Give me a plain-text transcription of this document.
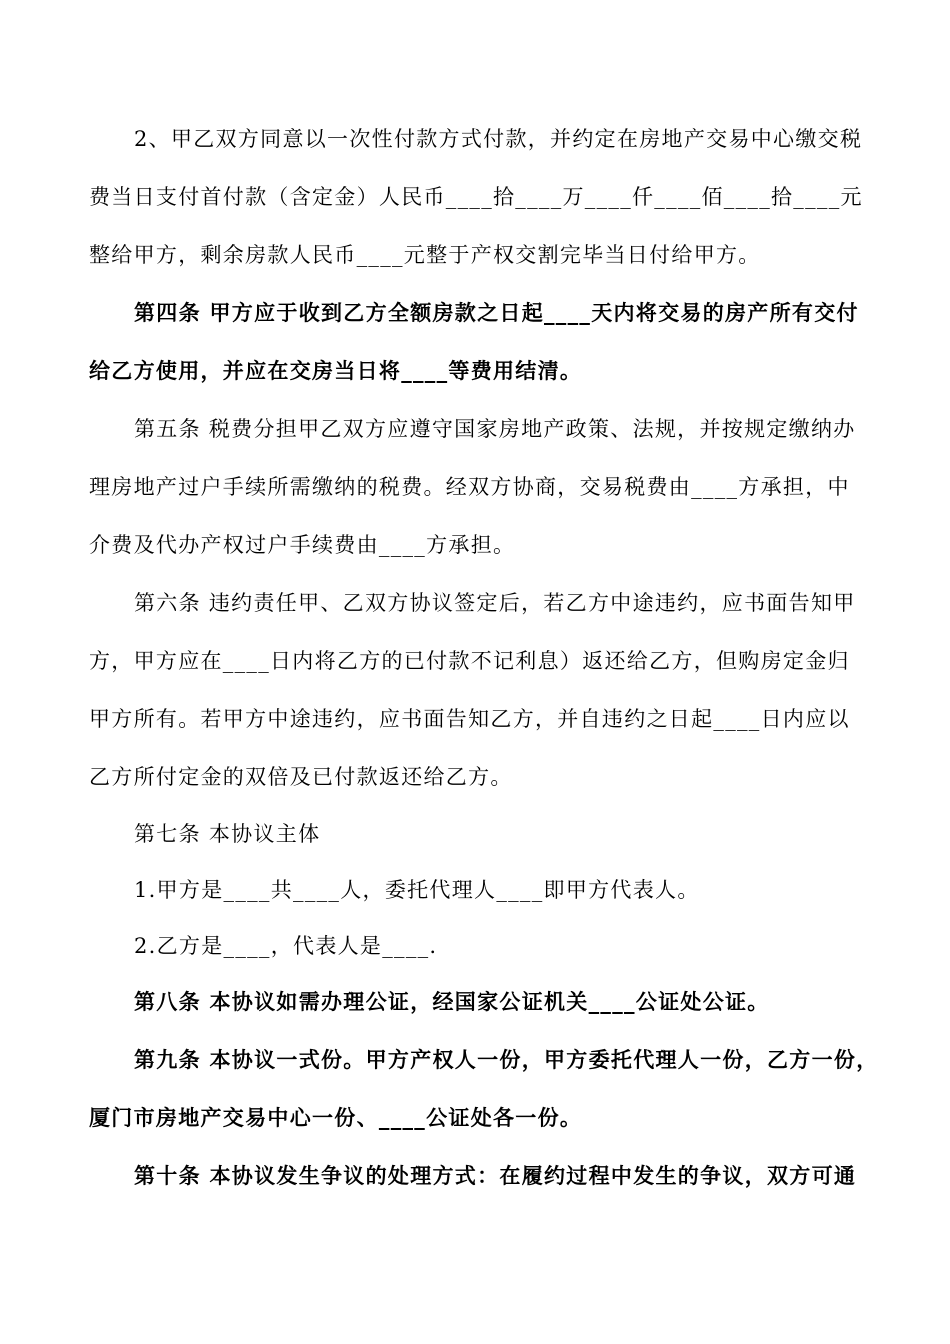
2、甲乙双方同意以一次性付款方式付款，并约定在房地产交易中心缴交税
费当日支付首付款（含定金）人民币____拾____万____仟____佰____拾____元
整给甲方，剩余房款人民币____元整于产权交割完毕当日付给甲方。
第四条 甲方应于收到乙方全额房款之日起____天内将交易的房产所有交付
给乙方使用，并应在交房当日将____等费用结清。
第五条 税费分担甲乙双方应遵守国家房地产政策、法规，并按规定缴纳办
理房地产过户手续所需缴纳的税费。经双方协商，交易税费由____方承担，中
介费及代办产权过户手续费由____方承担。
第六条 违约责任甲、乙双方协议签定后，若乙方中途违约，应书面告知甲
方，甲方应在____日内将乙方的已付款不记利息）返还给乙方，但购房定金归
甲方所有。若甲方中途违约，应书面告知乙方，并自违约之日起____日内应以
乙方所付定金的双倍及已付款返还给乙方。
第七条 本协议主体
1.甲方是____共____人，委托代理人____即甲方代表人。
2.乙方是____，代表人是____.
第八条 本协议如需办理公证，经国家公证机关____公证处公证。
第九条 本协议一式份。甲方产权人一份，甲方委托代理人一份，乙方一份，
厦门市房地产交易中心一份、____公证处各一份。
第十条 本协议发生争议的处理方式：在履约过程中发生的争议，双方可通
